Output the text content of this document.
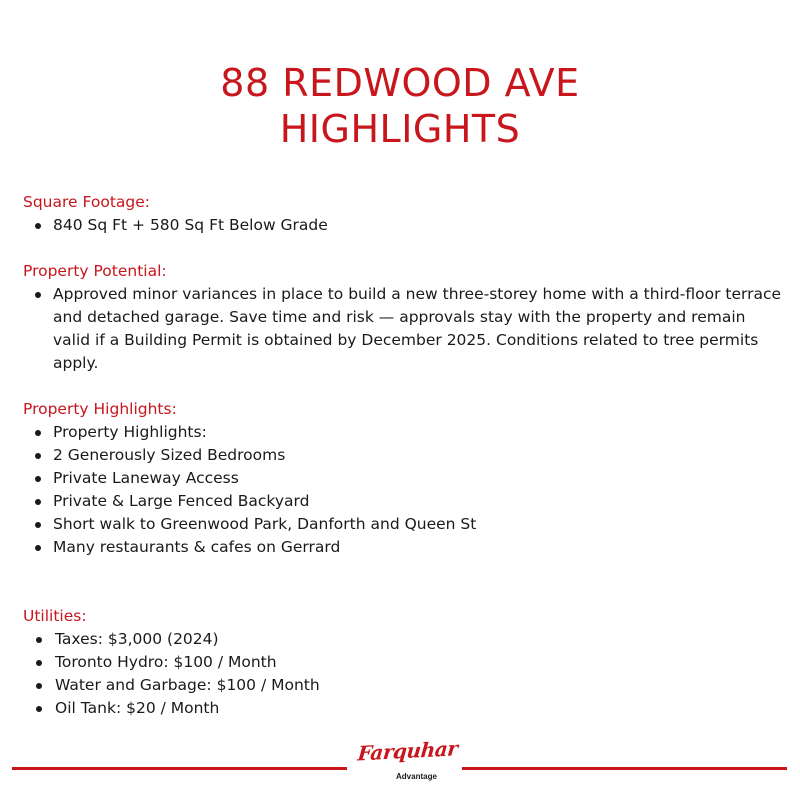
88 REDWOOD AVE
HIGHLIGHTS

Square Footage:

840 Sq Ft + 580 Sq Ft Below Grade

Property Potential:

Approved minor variances in place to build a new three-storey home with a third-floor terrace and detached garage. Save time and risk — approvals stay with the property and remain valid if a Building Permit is obtained by December 2025. Conditions related to tree permits apply.

Property Highlights:

Property Highlights:
2 Generously Sized Bedrooms
Private Laneway Access
Private & Large Fenced Backyard
Short walk to Greenwood Park, Danforth and Queen St
Many restaurants & cafes on Gerrard

Utilities:

Taxes: $3,000 (2024)
Toronto Hydro: $100 / Month
Water and Garbage: $100 / Month
Oil Tank: $20 / Month
Farquhar
Advantage
